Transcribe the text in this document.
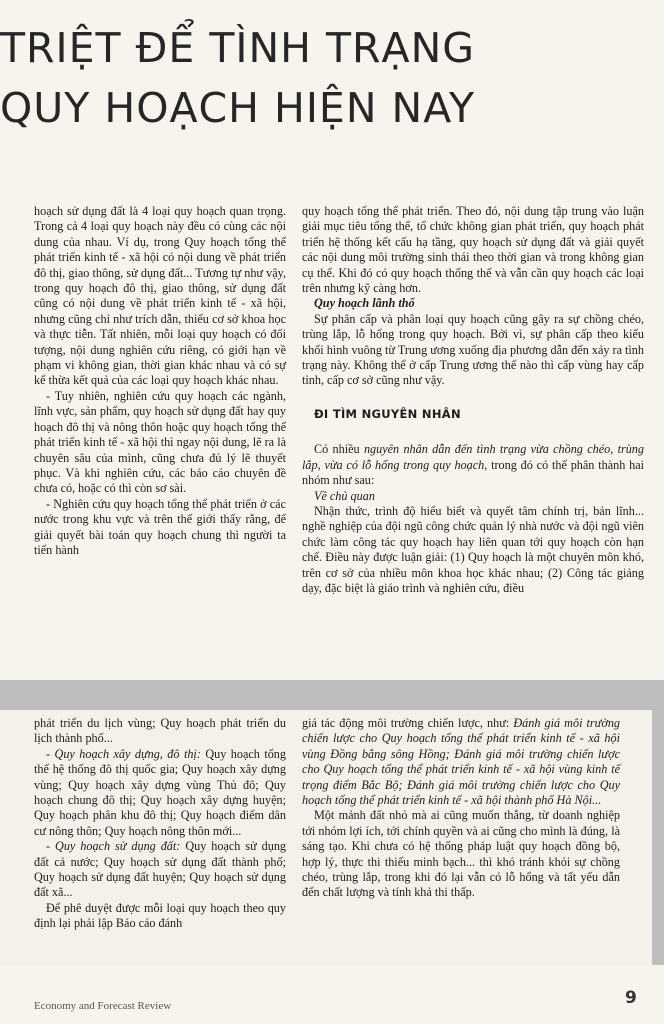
TRIỆT ĐỂ TÌNH TRẠNG
QUY HOẠCH HIỆN NAY

hoạch sử dụng đất là 4 loại quy hoạch quan trọng. Trong cả 4 loại quy hoạch này đều có cùng các nội dung của nhau. Ví dụ, trong Quy hoạch tổng thể phát triển kinh tế - xã hội có nội dung về phát triển đô thị, giao thông, sử dụng đất... Tương tự như vậy, trong quy hoạch đô thị, giao thông, sử dụng đất cũng có nội dung về phát triển kinh tế - xã hội, nhưng cũng chỉ như trích dẫn, thiếu cơ sở khoa học và thực tiễn. Tất nhiên, mỗi loại quy hoạch có đối tượng, nội dung nghiên cứu riêng, có giới hạn về phạm vi không gian, thời gian khác nhau và có sự kế thừa kết quả của các loại quy hoạch khác nhau.

- Tuy nhiên, nghiên cứu quy hoạch các ngành, lĩnh vực, sản phẩm, quy hoạch sử dụng đất hay quy hoạch đô thị và nông thôn hoặc quy hoạch tổng thể phát triển kinh tế - xã hội thì ngay nội dung, lẽ ra là chuyên sâu của mình, cũng chưa đủ lý lẽ thuyết phục. Và khi nghiên cứu, các báo cáo chuyên đề chưa có, hoặc có thì còn sơ sài.

- Nghiên cứu quy hoạch tổng thể phát triển ở các nước trong khu vực và trên thế giới thấy rằng, để giải quyết bài toán quy hoạch chung thì người ta tiến hành

quy hoạch tổng thể phát triển. Theo đó, nội dung tập trung vào luận giải mục tiêu tổng thể, tổ chức không gian phát triển, quy hoạch phát triển hệ thống kết cấu hạ tầng, quy hoạch sử dụng đất và giải quyết các nội dung môi trường sinh thái theo thời gian và trong không gian cụ thể. Khi đó có quy hoạch thống thể và vẫn cần quy hoạch các loại trên nhưng kỹ càng hơn.

Quy hoạch lãnh thổ

Sự phân cấp và phân loại quy hoạch cũng gây ra sự chồng chéo, trùng lắp, lỗ hổng trong quy hoạch. Bởi vì, sự phân cấp theo kiểu khối hình vuông từ Trung ương xuống địa phương dẫn đến xảy ra tình trạng này. Không thể ở cấp Trung ương thế nào thì cấp vùng hay cấp tỉnh, cấp cơ sở cũng như vậy.

ĐI TÌM NGUYÊN NHÂN

Có nhiều nguyên nhân dẫn đến tình trạng vừa chồng chéo, trùng lắp, vừa có lỗ hổng trong quy hoạch, trong đó có thể phân thành hai nhóm như sau:

Về chủ quan

Nhận thức, trình độ hiểu biết và quyết tâm chính trị, bản lĩnh... nghề nghiệp của đội ngũ công chức quản lý nhà nước và đội ngũ viên chức làm công tác quy hoạch hay liên quan tới quy hoạch còn hạn chế. Điều này được luận giải: (1) Quy hoạch là một chuyên môn khó, trên cơ sở của nhiều môn khoa học khác nhau; (2) Công tác giảng dạy, đặc biệt là giáo trình và nghiên cứu, điều

phát triển du lịch vùng; Quy hoạch phát triển du lịch thành phố...

- Quy hoạch xây dựng, đô thị: Quy hoạch tổng thể hệ thống đô thị quốc gia; Quy hoạch xây dựng vùng; Quy hoạch xây dựng vùng Thủ đô; Quy hoạch chung đô thị; Quy hoạch xây dựng huyện; Quy hoạch phân khu đô thị; Quy hoạch điểm dân cư nông thôn; Quy hoạch nông thôn mới...

- Quy hoạch sử dụng đất: Quy hoạch sử dụng đất cả nước; Quy hoạch sử dụng đất thành phố; Quy hoạch sử dụng đất huyện; Quy hoạch sử dụng đất xã...

Để phê duyệt được mỗi loại quy hoạch theo quy định lại phải lập Báo cáo đánh

giá tác động môi trường chiến lược, như: Đánh giá môi trường chiến lược cho Quy hoạch tổng thể phát triển kinh tế - xã hội vùng Đồng bằng sông Hồng; Đánh giá môi trường chiến lược cho Quy hoạch tổng thể phát triển kinh tế - xã hội vùng kinh tế trọng điểm Bắc Bộ; Đánh giá môi trường chiến lược cho Quy hoạch tổng thể phát triển kinh tế - xã hội thành phố Hà Nội...

Một mảnh đất nhỏ mà ai cũng muốn thắng, từ doanh nghiệp tới nhóm lợi ích, tới chính quyền và ai cũng cho mình là đúng, là sáng tạo. Khi chưa có hệ thống pháp luật quy hoạch đồng bộ, hợp lý, thực thi thiếu minh bạch... thì khó tránh khỏi sự chồng chéo, trùng lắp, trong khi đó lại vẫn có lỗ hổng và tất yếu dẫn đến chất lượng và tính khả thi thấp.

Economy and Forecast Review	9
